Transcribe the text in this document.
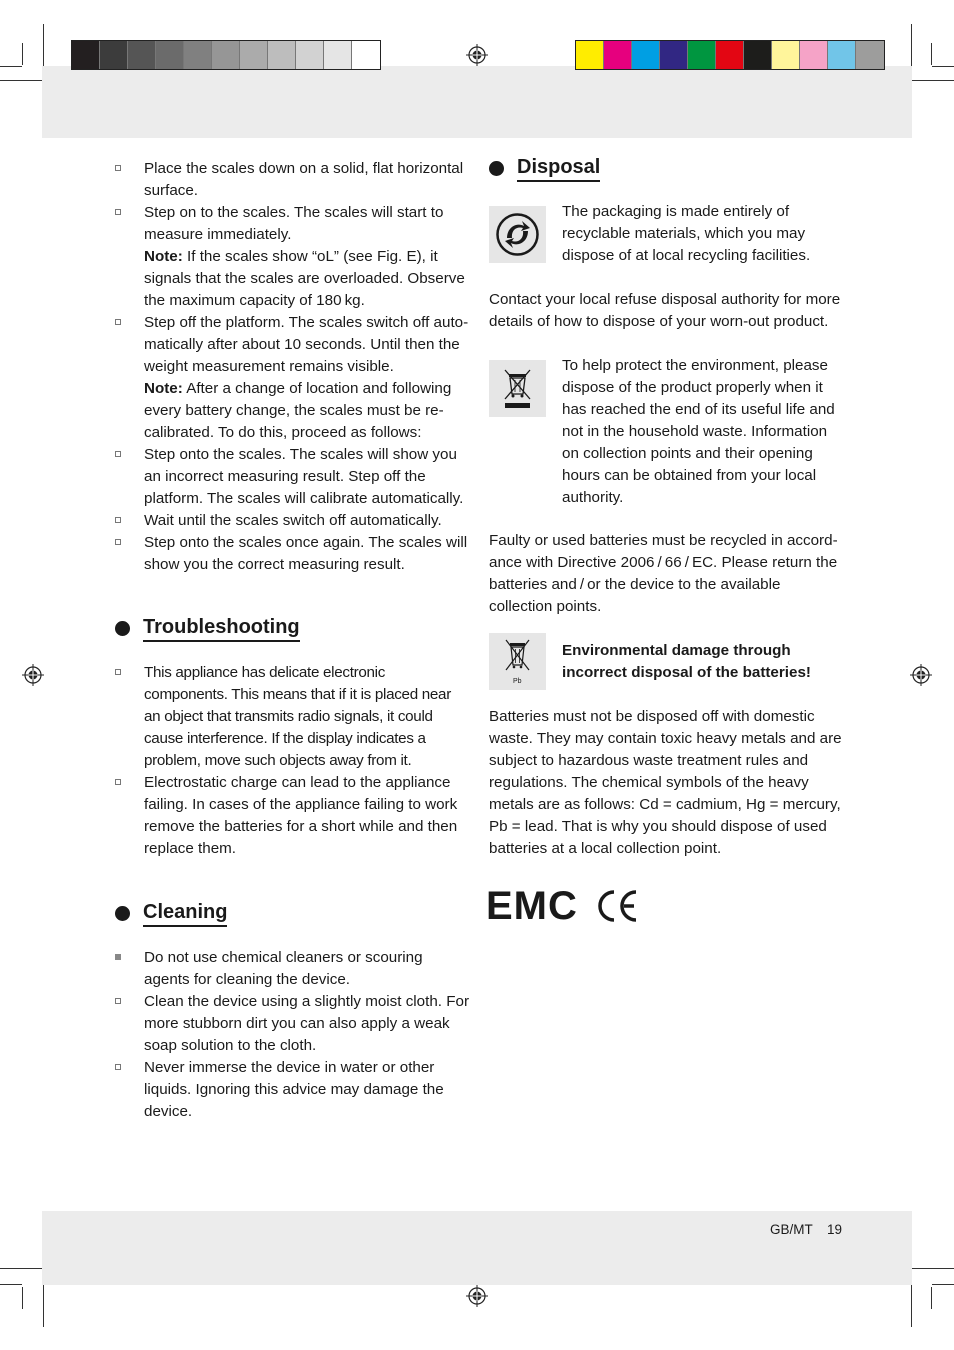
Place the scales down on a solid, flat horizontal surface.
Step on to the scales. The scales will start to measure immediately.
Note: If the scales show “oL” (see Fig. E), it signals that the scales are overloaded. Observe the maximum capacity of 180 kg.
Step off the platform. The scales switch off auto-matically after about 10 seconds. Until then the weight measurement remains visible.
Note: After a change of location and following every battery change, the scales must be re-calibrated. To do this, proceed as follows:
Step onto the scales. The scales will show you an incorrect measuring result. Step off the platform. The scales will calibrate automatically.
Wait until the scales switch off automatically.
Step onto the scales once again. The scales will show you the correct measuring result.
Troubleshooting
This appliance has delicate electronic components. This means that if it is placed near an object that transmits radio signals, it could cause interference. If the display indicates a problem, move such objects away from it.
Electrostatic charge can lead to the appliance failing. In cases of the appliance failing to work remove the batteries for a short while and then replace them.
Cleaning
Do not use chemical cleaners or scouring agents for cleaning the device.
Clean the device using a slightly moist cloth. For more stubborn dirt you can also apply a weak soap solution to the cloth.
Never immerse the device in water or other liquids. Ignoring this advice may damage the device.
Disposal
The packaging is made entirely of recyclable materials, which you may dispose of at local recycling facilities.
Contact your local refuse disposal authority for more details of how to dispose of your worn-out product.
To help protect the environment, please dispose of the product properly when it has reached the end of its useful life and not in the household waste. Information on collection points and their opening hours can be obtained from your local authority.
Faulty or used batteries must be recycled in accord-ance with Directive 2006 / 66 / EC. Please return the batteries and / or the device to the available collection points.
Pb
Environmental damage through incorrect disposal of the batteries!
Batteries must not be disposed off with domestic waste. They may contain toxic heavy metals and are subject to hazardous waste treatment rules and regulations. The chemical symbols of the heavy metals are as follows: Cd = cadmium, Hg = mercury, Pb = lead. That is why you should dispose of used batteries at a local collection point.
EMC
GB/MT 19
